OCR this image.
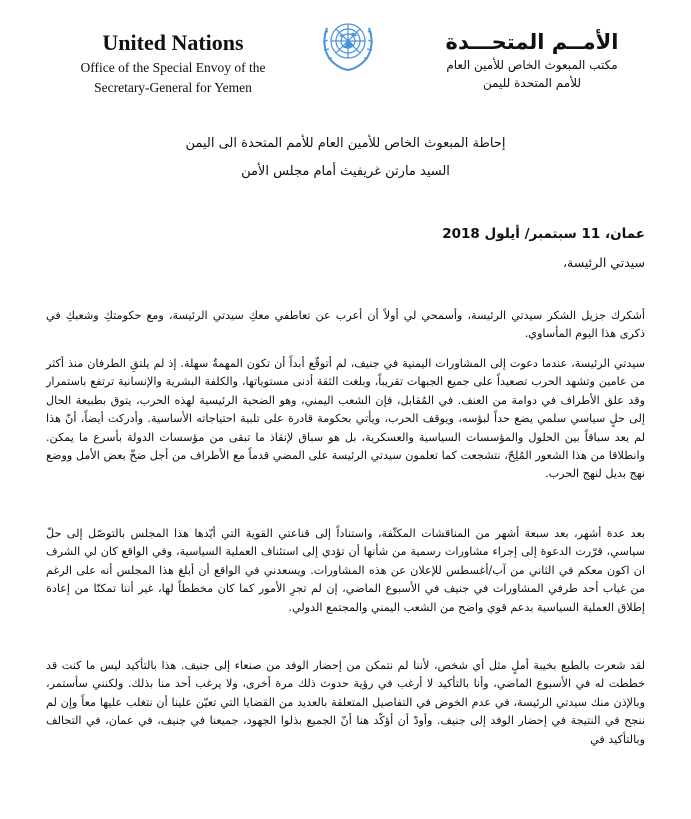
United Nations
Office of the Special Envoy of the
Secretary-General for Yemen
الأمــم المتحـــدة
مكتب المبعوث الخاص للأمين العام
للأمم المتحدة لليمن
إحاطة المبعوث الخاص للأمين العام للأمم المتحدة الى اليمن
السيد مارتن غريفيث أمام مجلس الأمن
عمان، 11 سبتمبر/ أيلول 2018
سيدتي الرئيسة،

أشكرك جزيل الشكر سيدتي الرئيسة، وأسمحي لي أولاً أن أعرب عن تعاطفي معكِ سيدتي الرئيسة، ومع حكومتكِ وشعبكِ في ذكرى هذا اليوم المأساوي.

سيدتي الرئيسة، عندما دعوت إلى المشاورات اليمنية في جنيف، لم أتوقّع أبداً أن تكون المهمةُ سهلة. إذ لم يلتقِ الطرفان منذ أكثر من عامين وتشهد الحرب تصعيداً على جميع الجبهات تقريباً، وبلغت الثقة أدنى مستوياتها، والكلفة البشرية والإنسانية ترتفع باستمرار وقد علق الأطراف في دوامة من العنف. في المُقابل، فإن الشعب اليمني، وهو الضحية الرئيسية لهذه الحرب، يتوق بطبيعة الحال إلى حلٍ سياسي سلمي يضع حداً لبؤسه، ويوقف الحرب، ويأتي بحكومة قادرة على تلبية احتياجاته الأساسية. وأدركت أيضاً، أنّ هذا لم يعد سباقاً بين الحلول والمؤسسات السياسية والعسكرية، بل هو سباق لإنقاذ ما تبقى من مؤسسات الدولة بأسرع ما يمكن. وانطلاقا من هذا الشعور المُلِحّ، نتشجعت كما تعلمون سيدتي الرئيسة على المضي قدماً مع الأطراف من أجل ضخّ بعض الأمل ووضع نهج بديل لنهج الحرب.

بعد عدة أشهر، بعد سبعة أشهر من المناقشات المكثّفة، واستناداً إلى قناعتي القوية التي أيّدها هذا المجلس بالتوصّل إلى حلّ سياسي، قرّرت الدعوة إلى إجراء مشاورات رسمية من شأنها أن تؤدي إلى استئناف العملية السياسية، وفي الواقع كان لي الشرف ان اكون معكم في الثاني من آب/أغسطس للإعلان عن هذه المشاورات. ويسعدني في الواقع أن أبلغ هذا المجلس أنه على الرغم من غياب أحد طرفي المشاورات في جنيف في الأسبوع الماضي، إن لم تجرِ الأمور كما كان مخططاً لها، غير أننا تمكنّا من إعادة إطلاق العملية السياسية بدعم قوي واضح من الشعب اليمني والمجتمع الدولي.

لقد شعرت بالطبع بخيبة أملٍ مثل أي شخص، لأننا لم نتمكن من إحضار الوفد من صنعاء إلى جنيف. هذا بالتأكيد ليس ما كنت قد خططت له في الأسبوع الماضي، وأنا بالتأكيد لا أرغب في رؤية حدوث ذلك مرة أخرى، ولا يرغب أحد منا بذلك. ولكنني سأستمر، وبالإذن منك سيدتي الرئيسة، في عدم الخوض في التفاصيل المتعلقة بالعديد من القضايا التي تعيّن علينا أن نتغلب عليها معاً وإن لم ننجح في النتيجة في إحضار الوفد إلى جنيف. وأودّ أن أؤكّد هنا أنّ الجميع بذلوا الجهود، جميعنا في جنيف، في عمان، في التحالف وبالتأكيد في
